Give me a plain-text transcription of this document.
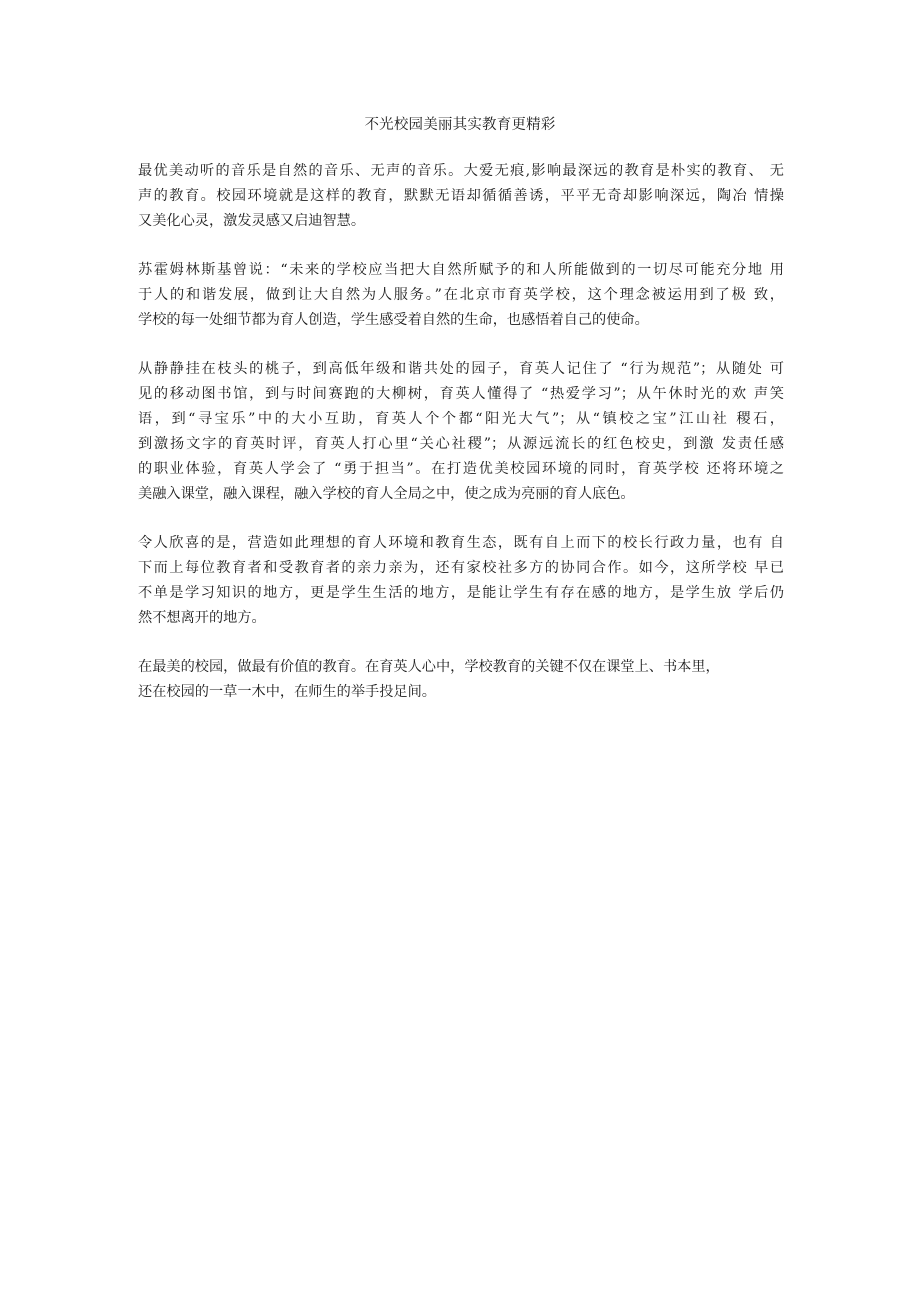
不光校园美丽其实教育更精彩

最优美动听的音乐是自然的音乐、无声的音乐。大爱无痕,影响最深远的教育是朴实的教育、 无
声的教育。校园环境就是这样的教育，默默无语却循循善诱，平平无奇却影响深远，陶冶 情操
又美化心灵，激发灵感又启迪智慧。

苏霍姆林斯基曾说：“未来的学校应当把大自然所赋予的和人所能做到的一切尽可能充分地 用
于人的和谐发展，做到让大自然为人服务。”在北京市育英学校，这个理念被运用到了极 致，
学校的每一处细节都为育人创造，学生感受着自然的生命，也感悟着自己的使命。

从静静挂在枝头的桃子，到高低年级和谐共处的园子，育英人记住了 “行为规范”；从随处 可
见的移动图书馆，到与时间赛跑的大柳树，育英人懂得了 “热爱学习”；从午休时光的欢 声笑
语，到“寻宝乐”中的大小互助，育英人个个都“阳光大气”；从“镇校之宝”江山社 稷石，
到激扬文字的育英时评，育英人打心里“关心社稷”；从源远流长的红色校史，到激 发责任感
的职业体验，育英人学会了 “勇于担当”。在打造优美校园环境的同时，育英学校 还将环境之
美融入课堂，融入课程，融入学校的育人全局之中，使之成为亮丽的育人底色。

令人欣喜的是，营造如此理想的育人环境和教育生态，既有自上而下的校长行政力量，也有 自
下而上每位教育者和受教育者的亲力亲为，还有家校社多方的协同合作。如今，这所学校 早已
不单是学习知识的地方，更是学生生活的地方，是能让学生有存在感的地方，是学生放 学后仍
然不想离开的地方。

在最美的校园，做最有价值的教育。在育英人心中，学校教育的关键不仅在课堂上、书本里，
还在校园的一草一木中，在师生的举手投足间。
